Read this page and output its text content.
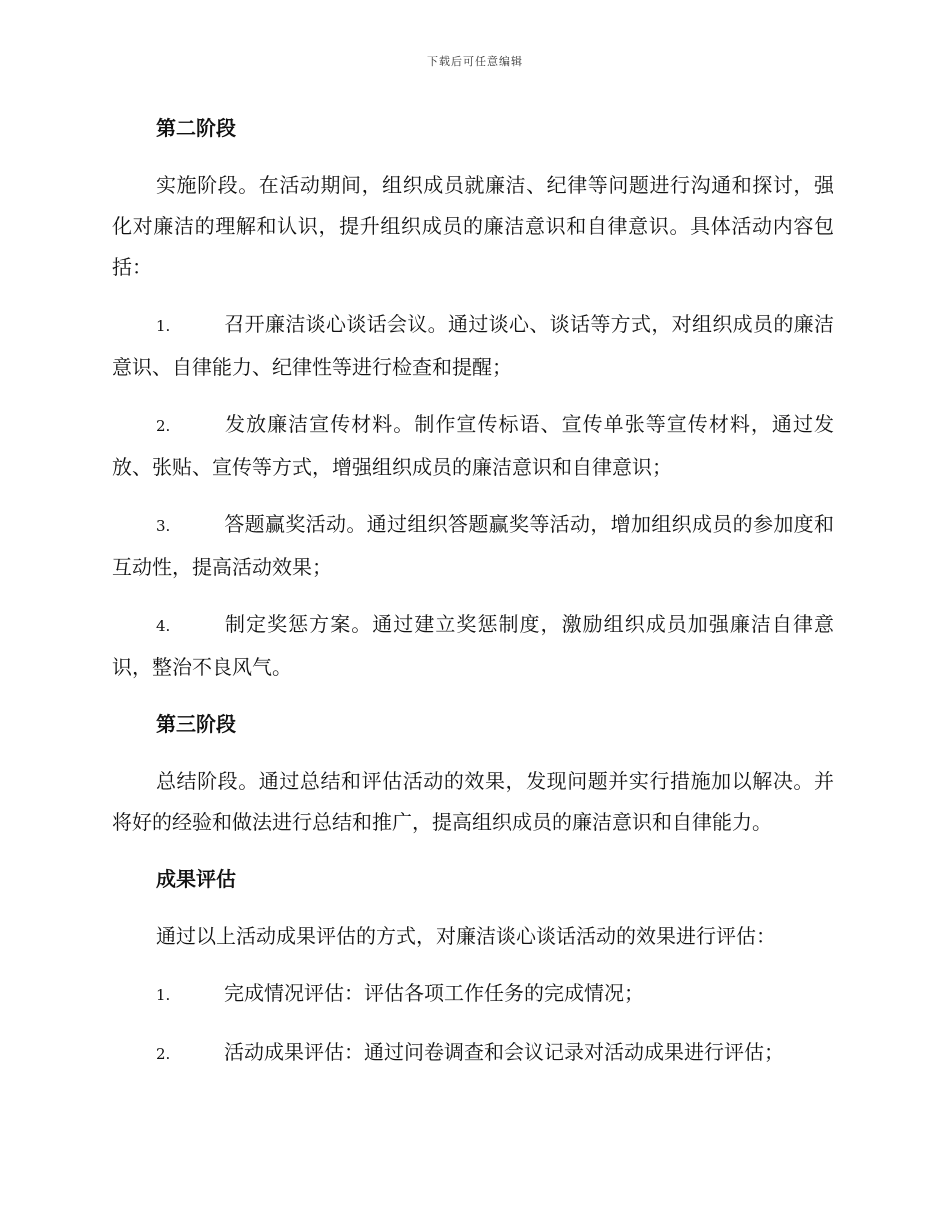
下载后可任意编辑
第二阶段
实施阶段。在活动期间，组织成员就廉洁、纪律等问题进行沟通和探讨，强化对廉洁的理解和认识，提升组织成员的廉洁意识和自律意识。具体活动内容包括：
1.	召开廉洁谈心谈话会议。通过谈心、谈话等方式，对组织成员的廉洁意识、自律能力、纪律性等进行检查和提醒；
2.	发放廉洁宣传材料。制作宣传标语、宣传单张等宣传材料，通过发放、张贴、宣传等方式，增强组织成员的廉洁意识和自律意识；
3.	答题赢奖活动。通过组织答题赢奖等活动，增加组织成员的参加度和互动性，提高活动效果；
4.	制定奖惩方案。通过建立奖惩制度，激励组织成员加强廉洁自律意识，整治不良风气。
第三阶段
总结阶段。通过总结和评估活动的效果，发现问题并实行措施加以解决。并将好的经验和做法进行总结和推广，提高组织成员的廉洁意识和自律能力。
成果评估
通过以上活动成果评估的方式，对廉洁谈心谈话活动的效果进行评估：
1.	完成情况评估：评估各项工作任务的完成情况；
2.	活动成果评估：通过问卷调查和会议记录对活动成果进行评估；
